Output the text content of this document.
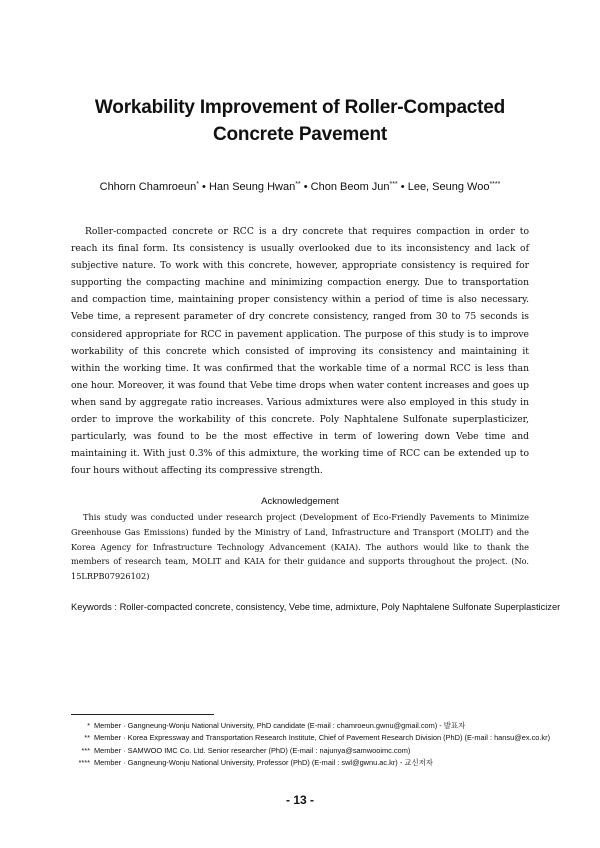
Workability Improvement of Roller-Compacted
Concrete Pavement
Chhorn Chamroeun* • Han Seung Hwan** • Chon Beom Jun*** • Lee, Seung Woo****

Roller-compacted concrete or RCC is a dry concrete that requires compaction in order to reach its final form. Its consistency is usually overlooked due to its inconsistency and lack of subjective nature. To work with this concrete, however, appropriate consistency is required for supporting the compacting machine and minimizing compaction energy. Due to transportation and compaction time, maintaining proper consistency within a period of time is also necessary. Vebe time, a represent parameter of dry concrete consistency, ranged from 30 to 75 seconds is considered appropriate for RCC in pavement application. The purpose of this study is to improve workability of this concrete which consisted of improving its consistency and maintaining it within the working time. It was confirmed that the workable time of a normal RCC is less than one hour. Moreover, it was found that Vebe time drops when water content increases and goes up when sand by aggregate ratio increases. Various admixtures were also employed in this study in order to improve the workability of this concrete. Poly Naphtalene Sulfonate superplasticizer, particularly, was found to be the most effective in term of lowering down Vebe time and maintaining it. With just 0.3% of this admixture, the working time of RCC can be extended up to four hours without affecting its compressive strength.

Acknowledgement

This study was conducted under research project (Development of Eco-Friendly Pavements to Minimize Greenhouse Gas Emissions) funded by the Ministry of Land, Infrastructure and Transport (MOLIT) and the Korea Agency for Infrastructure Technology Advancement (KAIA). The authors would like to thank the members of research team, MOLIT and KAIA for their guidance and supports throughout the project. (No. 15LRPB07926102)

Keywords : Roller-compacted concrete, consistency, Vebe time, admixture, Poly Naphtalene Sulfonate Superplasticizer
* Member · Gangneung-Wonju National University, PhD candidate (E-mail : chamroeun.gwnu@gmail.com) - 발표자
** Member · Korea Expressway and Transportation Research Institute, Chief of Pavement Research Division (PhD) (E-mail : hansu@ex.co.kr)
*** Member · SAMWOO IMC Co. Ltd. Senior researcher (PhD) (E-mail : najunya@samwooimc.com)
**** Member · Gangneung-Wonju National University, Professor (PhD) (E-mail : swl@gwnu.ac.kr) - 교신저자
- 13 -
